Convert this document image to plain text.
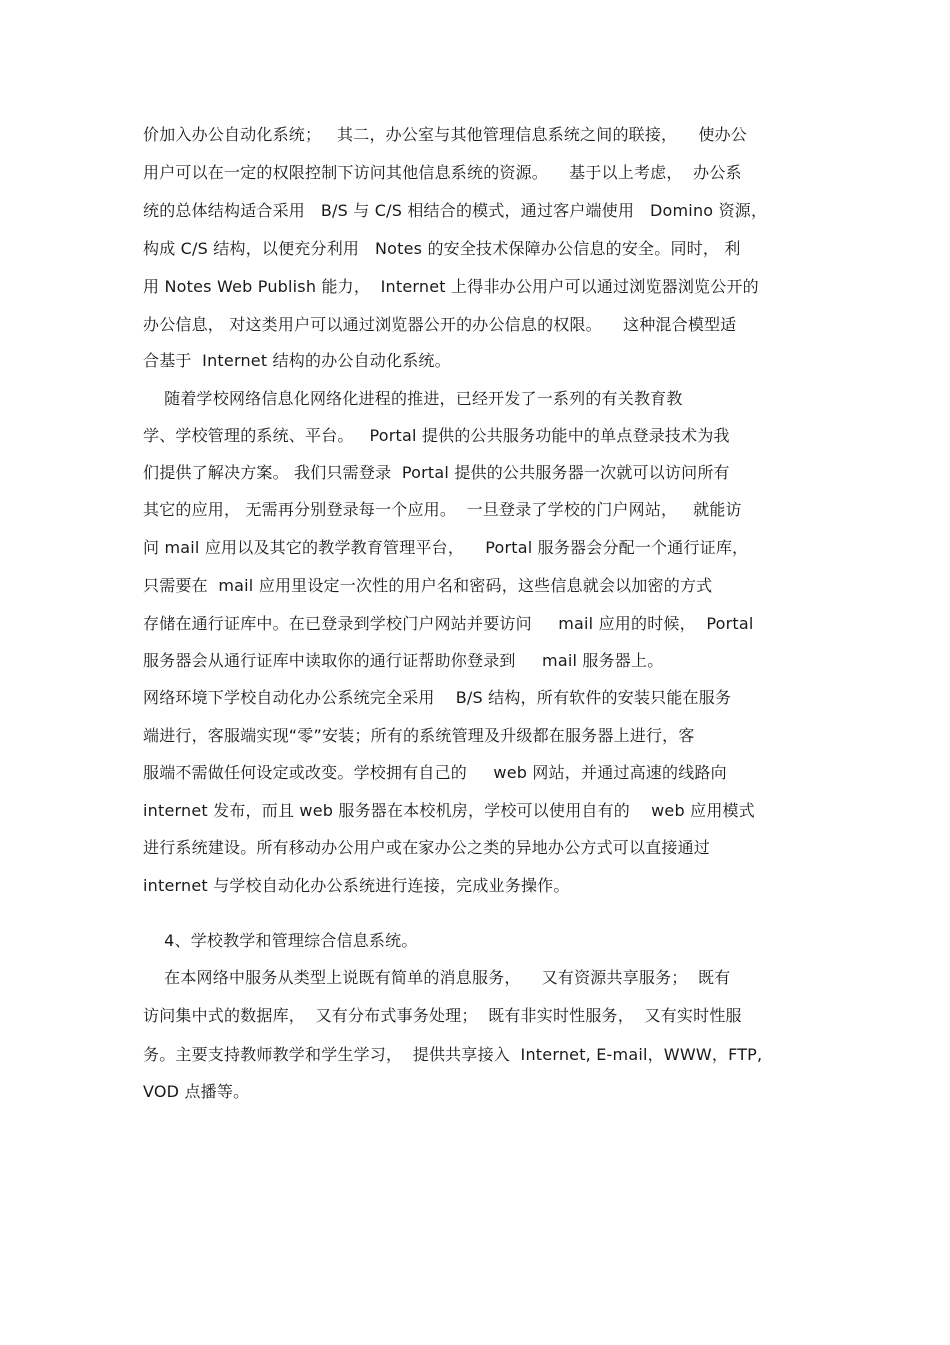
价加入办公自动化系统；   其二，办公室与其他管理信息系统之间的联接，    使办公
用户可以在一定的权限控制下访问其他信息系统的资源。    基于以上考虑，  办公系
统的总体结构适合采用   B/S 与 C/S 相结合的模式，通过客户端使用   Domino 资源，
构成 C/S 结构，以便充分利用   Notes 的安全技术保障办公信息的安全。同时， 利
用 Notes Web Publish 能力，  Internet 上得非办公用户可以通过浏览器浏览公开的
办公信息， 对这类用户可以通过浏览器公开的办公信息的权限。    这种混合模型适
合基于  Internet 结构的办公自动化系统。
随着学校网络信息化网络化进程的推进，已经开发了一系列的有关教育教
学、学校管理的系统、平台。   Portal 提供的公共服务功能中的单点登录技术为我
们提供了解决方案。 我们只需登录  Portal 提供的公共服务器一次就可以访问所有
其它的应用， 无需再分别登录每一个应用。  一旦登录了学校的门户网站，   就能访
问 mail 应用以及其它的教学教育管理平台，    Portal 服务器会分配一个通行证库，
只需要在  mail 应用里设定一次性的用户名和密码，这些信息就会以加密的方式
存储在通行证库中。在已登录到学校门户网站并要访问     mail 应用的时候，  Portal
服务器会从通行证库中读取你的通行证帮助你登录到     mail 服务器上。
网络环境下学校自动化办公系统完全采用    B/S 结构，所有软件的安装只能在服务
端进行，客服端实现“零”安装；所有的系统管理及升级都在服务器上进行，客
服端不需做任何设定或改变。学校拥有自己的     web 网站，并通过高速的线路向
internet 发布，而且 web 服务器在本校机房，学校可以使用自有的    web 应用模式
进行系统建设。所有移动办公用户或在家办公之类的异地办公方式可以直接通过
internet 与学校自动化办公系统进行连接，完成业务操作。
4、学校教学和管理综合信息系统。
在本网络中服务从类型上说既有简单的消息服务，    又有资源共享服务；  既有
访问集中式的数据库，  又有分布式事务处理；  既有非实时性服务，  又有实时性服
务。主要支持教师教学和学生学习，  提供共享接入  Internet, E-mail，WWW，FTP,
VOD 点播等。
